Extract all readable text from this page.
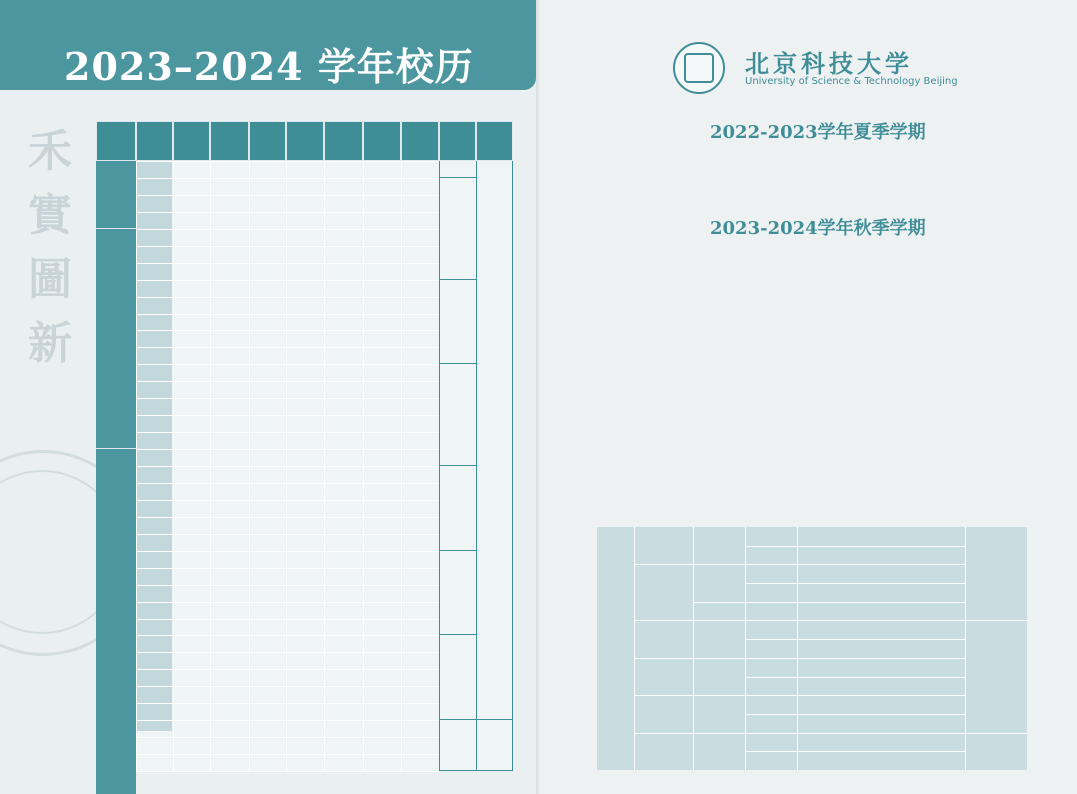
2023–2024 学年校历
禾實圖新
北京科技大学
University of Science & Technology Beijing
2022-2023学年夏季学期
2023-2024学年秋季学期
